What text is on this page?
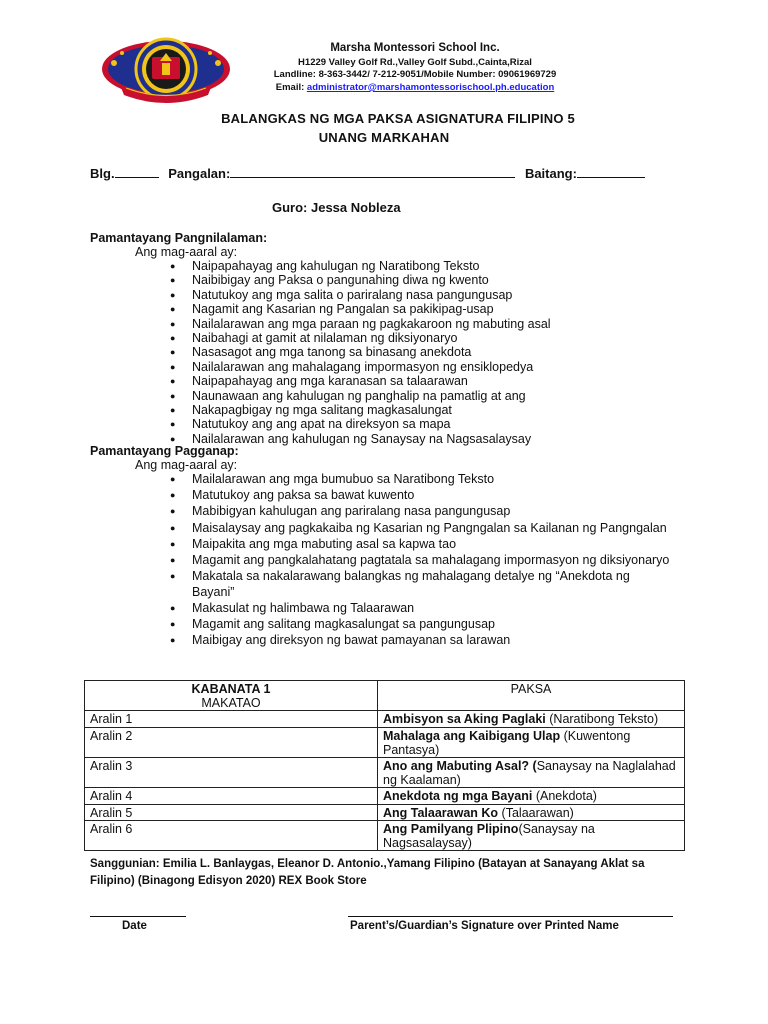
Marsha Montessori School Inc.
H1229 Valley Golf Rd.,Valley Golf Subd.,Cainta,Rizal
Landline: 8-363-3442/ 7-212-9051/Mobile Number: 09061969729
Email: administrator@marshamontessorischool.ph.education
BALANGKAS NG MGA PAKSA ASIGNATURA FILIPINO 5
UNANG MARKAHAN
Blg.	Pangalan:	Baitang:
Guro: Jessa Nobleza
Pamantayang Pangnilalaman:
Ang mag-aaral ay:
● Naipapahayag ang kahulugan ng Naratibong Teksto
● Naibibigay ang Paksa o pangunahing diwa ng kwento
● Natutukoy ang mga salita o pariralang nasa pangungusap
● Nagamit ang Kasarian ng Pangalan sa pakikipag-usap
● Nailalarawan ang mga paraan ng pagkakaroon ng mabuting asal
● Naibahagi at gamit at nilalaman ng diksiyonaryo
● Nasasagot ang mga tanong sa binasang anekdota
● Nailalarawan ang mahalagang impormasyon ng ensiklopedya
● Naipapahayag ang mga karanasan sa talaarawan
● Naunawaan ang kahulugan ng panghalip na pamatlig at ang
● Nakapagbigay ng mga salitang magkasalungat
● Natutukoy ang ang apat na direksyon sa mapa
● Nailalarawan ang kahulugan ng Sanaysay na Nagsasalaysay
Pamantayang Pagganap:
Ang mag-aaral ay:
● Mailalarawan ang mga bumubuo sa Naratibong Teksto
● Matutukoy ang paksa sa bawat kuwento
● Mabibigyan kahulugan ang pariralang nasa pangungusap
● Maisalaysay ang pagkakaiba ng Kasarian ng Pangngalan sa Kailanan ng Pangngalan
● Maipakita ang mga mabuting asal sa kapwa tao
● Magamit ang pangkalahatang pagtatala sa mahalagang impormasyon ng diksiyonaryo
● Makatala sa nakalarawang balangkas ng mahalagang detalye ng “Anekdota ng Bayani”
● Makasulat ng halimbawa ng Talaarawan
● Magamit ang salitang magkasalungat sa pangungusap
● Maibigay ang direksyon ng bawat pamayanan sa larawan
KABANATA 1
MAKATAO	PAKSA
Aralin 1	Ambisyon sa Aking Paglaki (Naratibong Teksto)
Aralin 2	Mahalaga ang Kaibigang Ulap (Kuwentong Pantasya)
Aralin 3	Ano ang Mabuting Asal? (Sanaysay na Naglalahad ng Kaalaman)
Aralin 4	Anekdota ng mga Bayani (Anekdota)
Aralin 5	Ang Talaarawan Ko (Talaarawan)
Aralin 6	Ang Pamilyang Plipino(Sanaysay na Nagsasalaysay)
Sanggunian: Emilia L. Banlaygas, Eleanor D. Antonio.,Yamang Filipino (Batayan at Sanayang Aklat sa Filipino) (Binagong Edisyon 2020) REX Book Store
Date	Parent’s/Guardian’s Signature over Printed Name
